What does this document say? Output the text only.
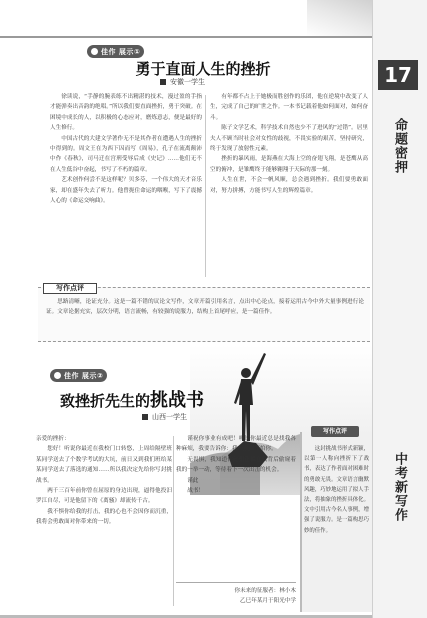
17
命题密押
中考新写作
佳作 展示①
勇于直面人生的挫折
安徽一学生

徐读说，“手静的腕表练不出精湛的技术，漫过盈的手指才能弹奏出音韵的绝唱。”所以我们要直面挫折，勇于突破。在困境中成长的人，以积极的心态应对，磨炼意志，便是最好的人生修行。

中国古代的大建文学著作无不是其作者在遭遇人生的挫折中得到的。周文王在为西下囚而写《周易》，孔子在流离颠沛中作《春秋》，司马迁在宫刑受辱后成《史记》……他们无不在人生低谷中奋起，书写了不朽的篇章。

艺术创作何尝不是这样呢？贝多芬，一个伟大的天才音乐家，却在盛年失去了听力。他曾扼住命运的咽喉，写下了震撼人心的《命运交响曲》。

有年都不占上于她极而胜创作的乐团，他在逆境中改变了人生，完成了自己的旷世之作。一本书记载着他如何面对，如何奋斗。

陈子文学艺术，科学技术自然也少不了进风的“过错”。居里夫人不顾当时社会对女性的歧视，不畏实验的艰苦，坚持研究，终于发现了放射性元素。

挫折的暴风雨，是海燕在大海上空的奋翅飞翔，是苍鹰从高空的俯冲，是雏鹰终于能够翱翔于天际的那一刻。

人生在世，不会一帆风顺，总会遇到挫折。我们要勇敢面对，努力拼搏，方能书写人生的辉煌篇章。

写作点评
思路清晰，论证充分。这是一篇不错的议论文写作，文章开篇引用名言，点出中心论点，接着运用古今中外大量事例进行论证。文章论据充实，层次分明，语言流畅，有较强的说服力，结构上首尾呼应，是一篇佳作。
佳作 展示②
致挫折先生的挑战书
山西一学生
亲爱的挫折：

您好！听说你最近在我校门口转悠，上周给隔壁班某同学送去了个数学考试的大坑，前日又到我们班给某某同学送去了落选的通知……所以我决定先给你写封挑战书。

两千三百年前你曾在屈原的身边出现，逼得他投汨罗江自尽，可是他留下的《离骚》却流传千古。

我不惧你给我的打击，我的心也不会因你而沉重，我将会勇敢面对你带来的一切。

谨祝你事业有成吧！听说你最近总是找我各种麻烦，我要告诉你：我一点都不怕你。

无畏惧，我知道你此刻正躲在我背后偷窥着我的一举一动，等待着下一次出击的机会。

谨此

战书！

你未来的征服者：林小木
乙巳年某月于阳光中学
写作点评
这封挑战书形式新颖，以第一人称向挫折下了战书，表达了作者面对困难时的勇敢无畏。文章语言幽默风趣，巧妙地运用了拟人手法，将抽象的挫折具体化。文中引用古今名人事例，增强了说服力。是一篇构思巧妙的佳作。
